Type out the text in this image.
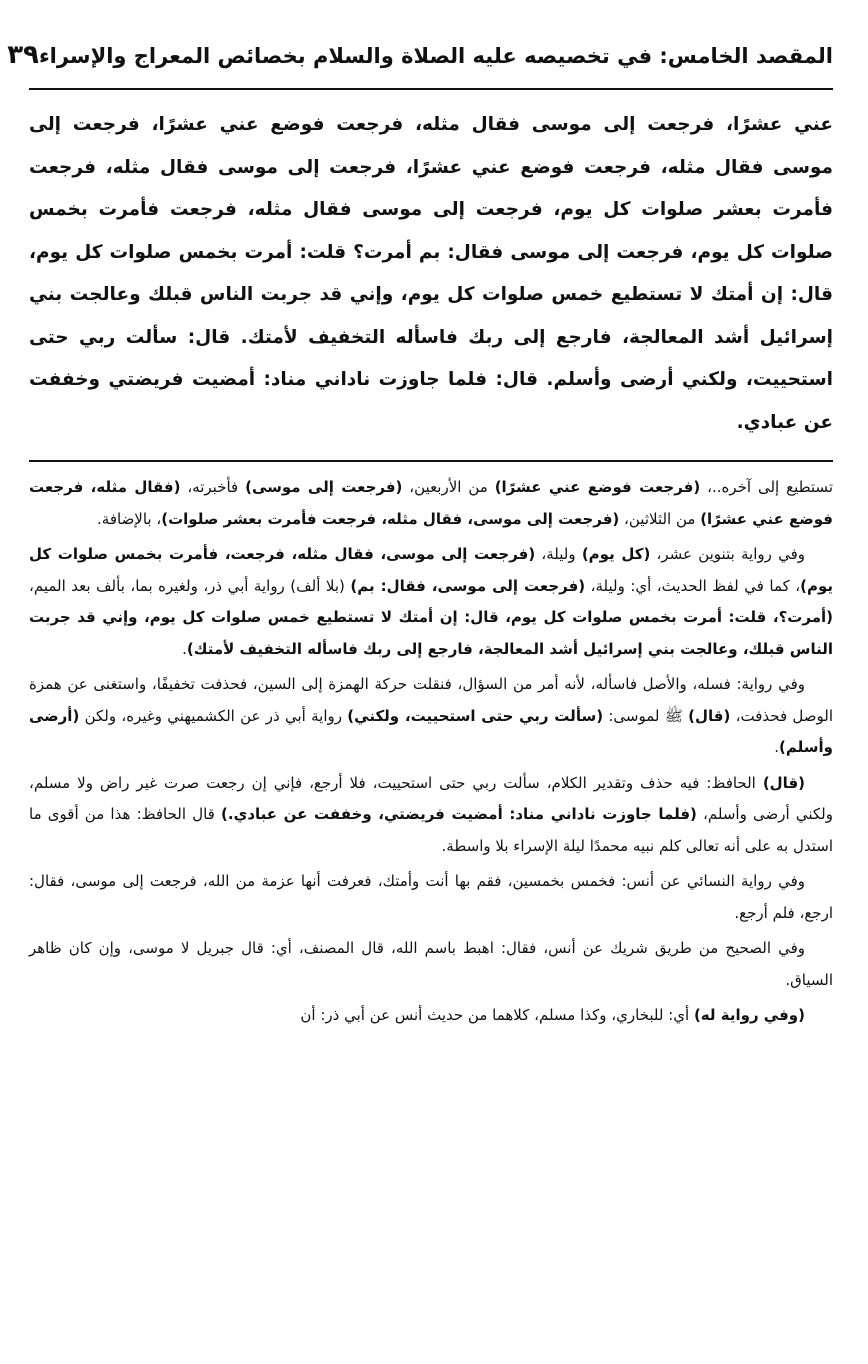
المقصد الخامس: في تخصيصه عليه الصلاة والسلام بخصائص المعراج والإسراء
٣٩
عني عشرًا، فرجعت إلى موسى فقال مثله، فرجعت فوضع عني عشرًا، فرجعت إلى موسى فقال مثله، فرجعت فوضع عني عشرًا، فرجعت إلى موسى فقال مثله، فرجعت فأمرت بعشر صلوات كل يوم، فرجعت إلى موسى فقال مثله، فرجعت فأمرت بخمس صلوات كل يوم، فرجعت إلى موسى فقال: بم أمرت؟ قلت: أمرت بخمس صلوات كل يوم، قال: إن أمتك لا تستطيع خمس صلوات كل يوم، وإني قد جربت الناس قبلك وعالجت بني إسرائيل أشد المعالجة، فارجع إلى ربك فاسأله التخفيف لأمتك. قال: سألت ربي حتى استحييت، ولكني أرضى وأسلم. قال: فلما جاوزت ناداني مناد: أمضيت فريضتي وخففت عن عبادي.

تستطيع إلى آخره..، (فرجعت فوضع عني عشرًا) من الأربعين، (فرجعت إلى موسى) فأخبرته، (فقال مثله، فرجعت فوضع عني عشرًا) من الثلاثين، (فرجعت إلى موسى، فقال مثله، فرجعت فأمرت بعشر صلوات)، بالإضافة.

وفي رواية بتنوين عشر، (كل يوم) وليلة، (فرجعت إلى موسى، فقال مثله، فرجعت، فأمرت بخمس صلوات كل يوم)، كما في لفظ الحديث، أي: وليلة، (فرجعت إلى موسى، فقال: بم) (بلا ألف) رواية أبي ذر، ولغيره بما، بألف بعد الميم، (أمرت؟، قلت: أمرت بخمس صلوات كل يوم، قال: إن أمتك لا تستطيع خمس صلوات كل يوم، وإني قد جربت الناس قبلك، وعالجت بني إسرائيل أشد المعالجة، فارجع إلى ربك فاسأله التخفيف لأمتك).

وفي رواية: فسله، والأصل فاسأله، لأنه أمر من السؤال، فنقلت حركة الهمزة إلى السين، فحذفت تخفيفًا، واستغنى عن همزة الوصل فحذفت، (قال) ﷺ لموسى: (سألت ربي حتى استحييت، ولكني) رواية أبي ذر عن الكشميهني وغيره، ولكن (أرضى وأسلم).

(قال) الحافظ: فيه حذف وتقدير الكلام، سألت ربي حتى استحييت، فلا أرجع، فإني إن رجعت صرت غير راض ولا مسلم، ولكني أرضى وأسلم، (فلما جاوزت ناداني مناد: أمضيت فريضتي، وخففت عن عبادي.) قال الحافظ: هذا من أقوى ما استدل به على أنه تعالى كلم نبيه محمدًا ليلة الإسراء بلا واسطة.

وفي رواية النسائي عن أنس: فخمس بخمسين، فقم بها أنت وأمتك، فعرفت أنها عزمة من الله، فرجعت إلى موسى، فقال: ارجع، فلم أرجع.

وفي الصحيح من طريق شريك عن أنس، فقال: اهبط باسم الله، قال المصنف، أي: قال جبريل لا موسى، وإن كان ظاهر السياق.

(وفي رواية له) أي: للبخاري، وكذا مسلم، كلاهما من حديث أنس عن أبي ذر: أن
